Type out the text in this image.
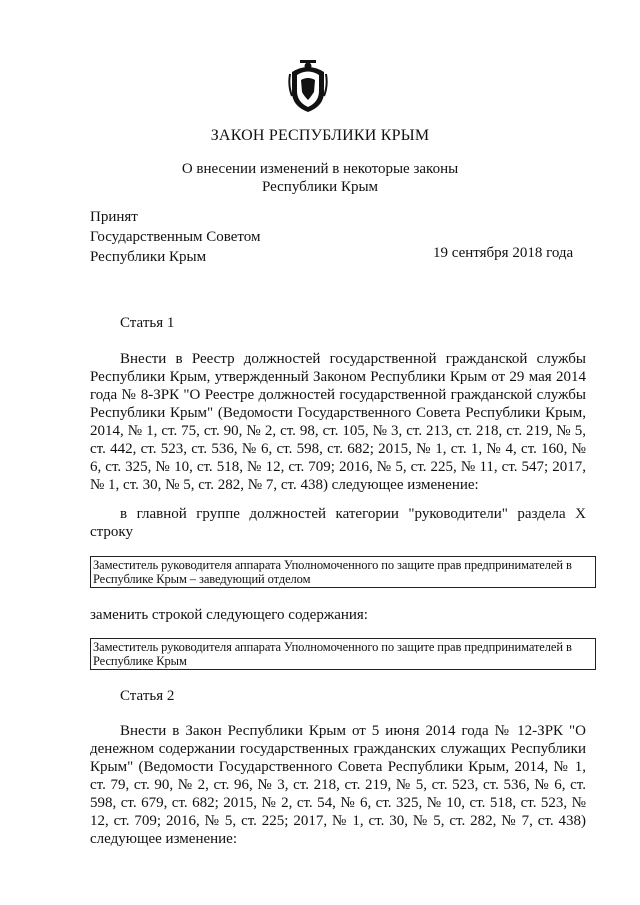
ЗАКОН РЕСПУБЛИКИ КРЫМ
О внесении изменений в некоторые законы
Республики Крым
Принят
Государственным Советом
Республики Крым	19 сентября 2018 года
Статья 1
Внести в Реестр должностей государственной гражданской службы Республики Крым, утвержденный Законом Республики Крым от 29 мая 2014 года № 8-ЗРК "О Реестре должностей государственной гражданской службы Республики Крым" (Ведомости Государственного Совета Республики Крым, 2014, № 1, ст. 75, ст. 90, № 2, ст. 98, ст. 105, № 3, ст. 213, ст. 218, ст. 219, № 5, ст. 442, ст. 523, ст. 536, № 6, ст. 598, ст. 682; 2015, № 1, ст. 1, № 4, ст. 160, № 6, ст. 325, № 10, ст. 518, № 12, ст. 709; 2016, № 5, ст. 225, № 11, ст. 547; 2017, № 1, ст. 30, № 5, ст. 282, № 7, ст. 438) следующее изменение:
в главной группе должностей категории "руководители" раздела X строку
Заместитель руководителя аппарата Уполномоченного по защите прав предпринимателей в Республике Крым – заведующий отделом
заменить строкой следующего содержания:
Заместитель руководителя аппарата Уполномоченного по защите прав предпринимателей в Республике Крым
Статья 2
Внести в Закон Республики Крым от 5 июня 2014 года № 12-ЗРК "О денежном содержании государственных гражданских служащих Республики Крым" (Ведомости Государственного Совета Республики Крым, 2014, № 1, ст. 79, ст. 90, № 2, ст. 96, № 3, ст. 218, ст. 219, № 5, ст. 523, ст. 536, № 6, ст. 598, ст. 679, ст. 682; 2015, № 2, ст. 54, № 6, ст. 325, № 10, ст. 518, ст. 523, № 12, ст. 709; 2016, № 5, ст. 225; 2017, № 1, ст. 30, № 5, ст. 282, № 7, ст. 438) следующее изменение:
